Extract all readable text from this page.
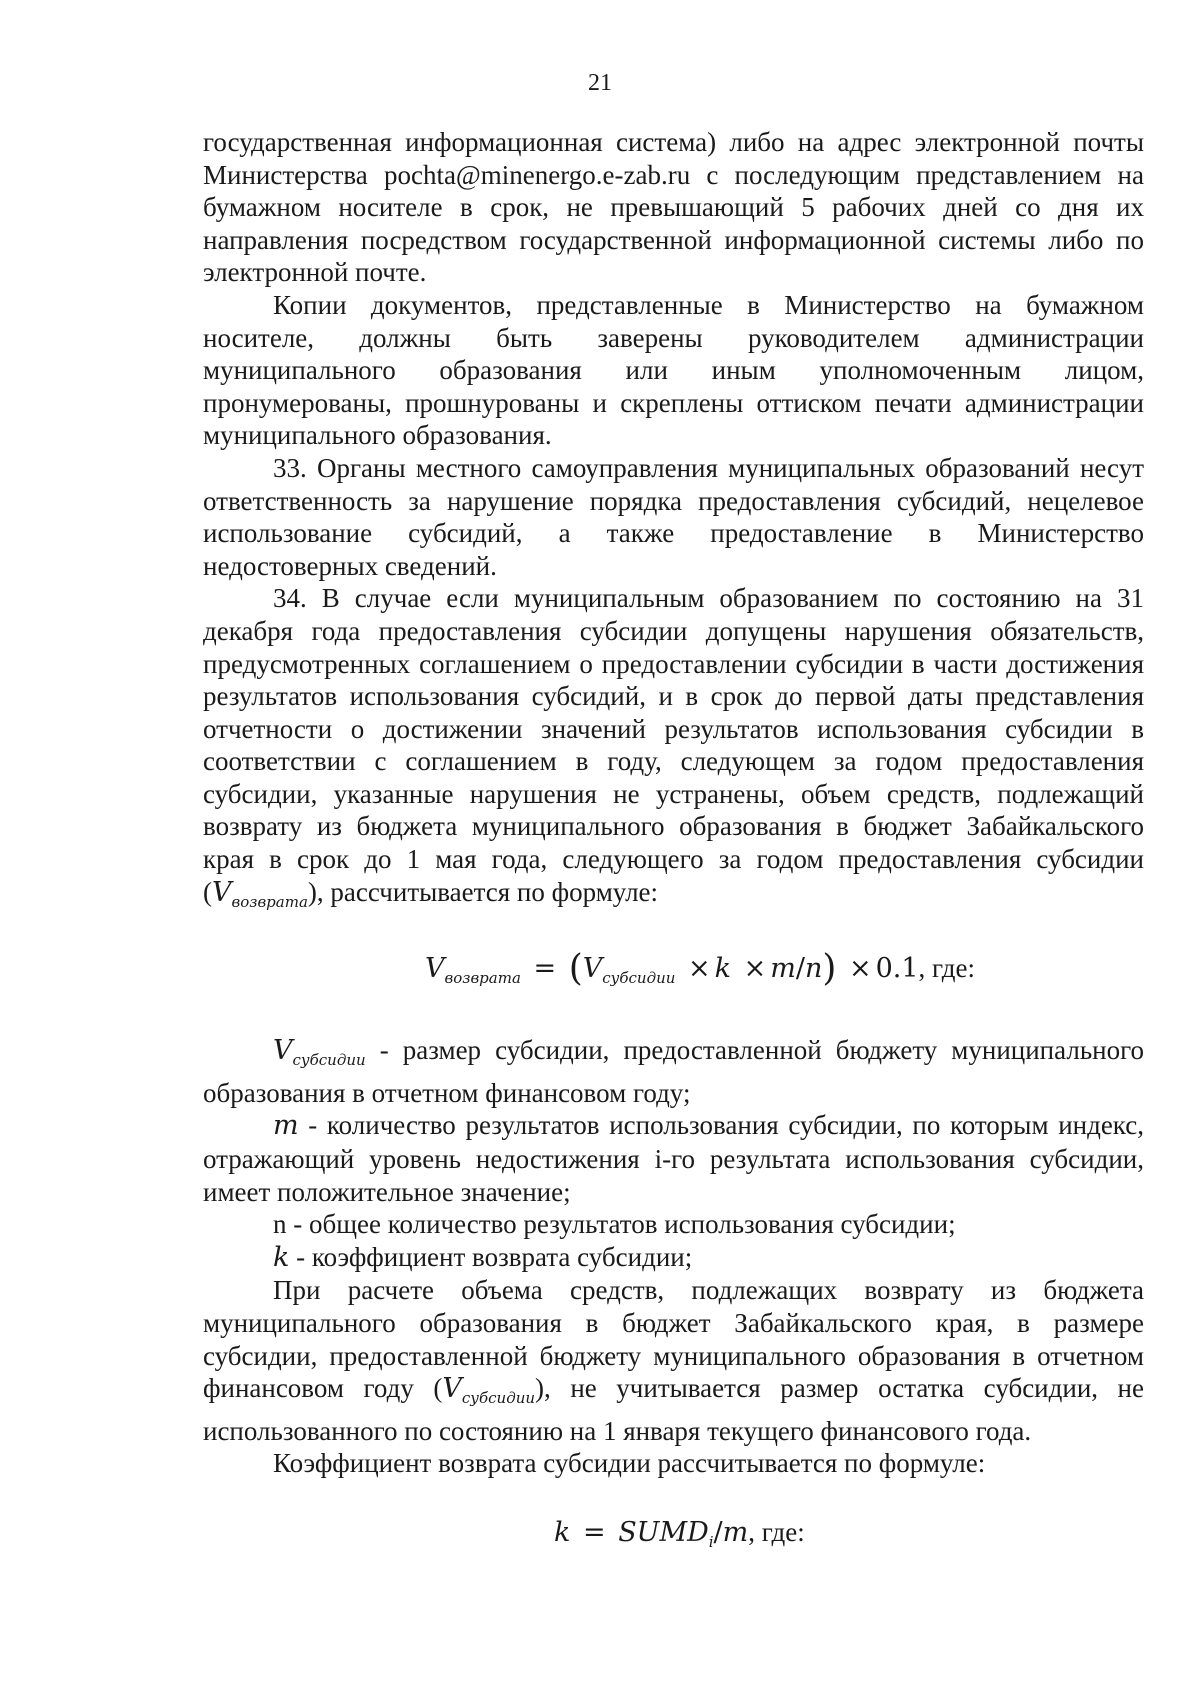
21

государственная информационная система) либо на адрес электронной почты Министерства pochta@minenergo.e-zab.ru с последующим представлением на бумажном носителе в срок, не превышающий 5 рабочих дней со дня их направления посредством государственной информационной системы либо по электронной почте.

Копии документов, представленные в Министерство на бумажном носителе, должны быть заверены руководителем администрации муниципального образования или иным уполномоченным лицом, пронумерованы, прошнурованы и скреплены оттиском печати администрации муниципального образования.

33. Органы местного самоуправления муниципальных образований несут ответственность за нарушение порядка предоставления субсидий, нецелевое использование субсидий, а также предоставление в Министерство недостоверных сведений.

34. В случае если муниципальным образованием по состоянию на 31 декабря года предоставления субсидии допущены нарушения обязательств, предусмотренных соглашением о предоставлении субсидии в части достижения результатов использования субсидий, и в срок до первой даты представления отчетности о достижении значений результатов использования субсидии в соответствии с соглашением в году, следующем за годом предоставления субсидии, указанные нарушения не устранены, объем средств, подлежащий возврату из бюджета муниципального образования в бюджет Забайкальского края в срок до 1 мая года, следующего за годом предоставления субсидии $(V_{возврата})$, рассчитывается по формуле:

$V_{возврата} = (V_{субсидии} \times k \times m/n) \times 0.1$, где:

$V_{субсидии}$ - размер субсидии, предоставленной бюджету муниципального образования в отчетном финансовом году;

m - количество результатов использования субсидии, по которым индекс, отражающий уровень недостижения i-го результата использования субсидии, имеет положительное значение;

n - общее количество результатов использования субсидии;

k - коэффициент возврата субсидии;

При расчете объема средств, подлежащих возврату из бюджета муниципального образования в бюджет Забайкальского края, в размере субсидии, предоставленной бюджету муниципального образования в отчетном финансовом году $(V_{субсидии})$, не учитывается размер остатка субсидии, не использованного по состоянию на 1 января текущего финансового года.

Коэффициент возврата субсидии рассчитывается по формуле:

$k = SUMD_i/m$, где:
